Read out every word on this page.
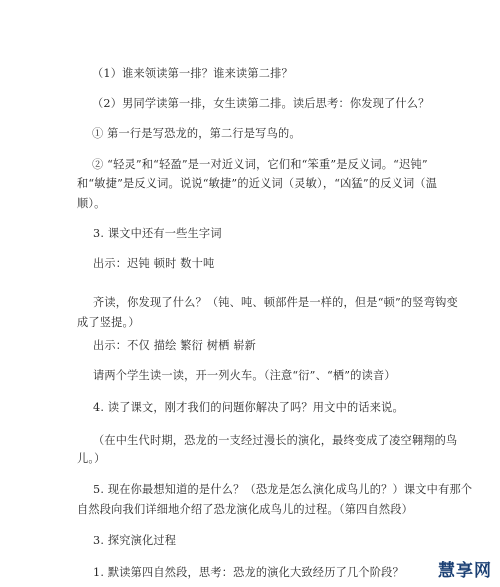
（1）谁来领读第一排？谁来读第二排？
（2）男同学读第一排，女生读第二排。读后思考：你发现了什么？
① 第一行是写恐龙的，第二行是写鸟的。
② “轻灵”和“轻盈”是一对近义词，它们和“笨重”是反义词。“迟钝”
和“敏捷”是反义词。说说“敏捷”的近义词（灵敏），“凶猛”的反义词（温
顺）。
3. 课文中还有一些生字词
出示：迟钝 顿时 数十吨
齐读，你发现了什么？（钝、吨、顿部件是一样的，但是“顿”的竖弯钩变
成了竖提。）
出示：不仅 描绘 繁衍 树栖 崭新
请两个学生读一读，开一列火车。（注意“衍”、“栖”的读音）
4. 读了课文，刚才我们的问题你解决了吗？用文中的话来说。
（在中生代时期，恐龙的一支经过漫长的演化，最终变成了凌空翱翔的鸟
儿。）
5. 现在你最想知道的是什么？（恐龙是怎么演化成鸟儿的？）课文中有那个
自然段向我们详细地介绍了恐龙演化成鸟儿的过程。（第四自然段）
3. 探究演化过程
1. 默读第四自然段，思考：恐龙的演化大致经历了几个阶段？ 慧享网
